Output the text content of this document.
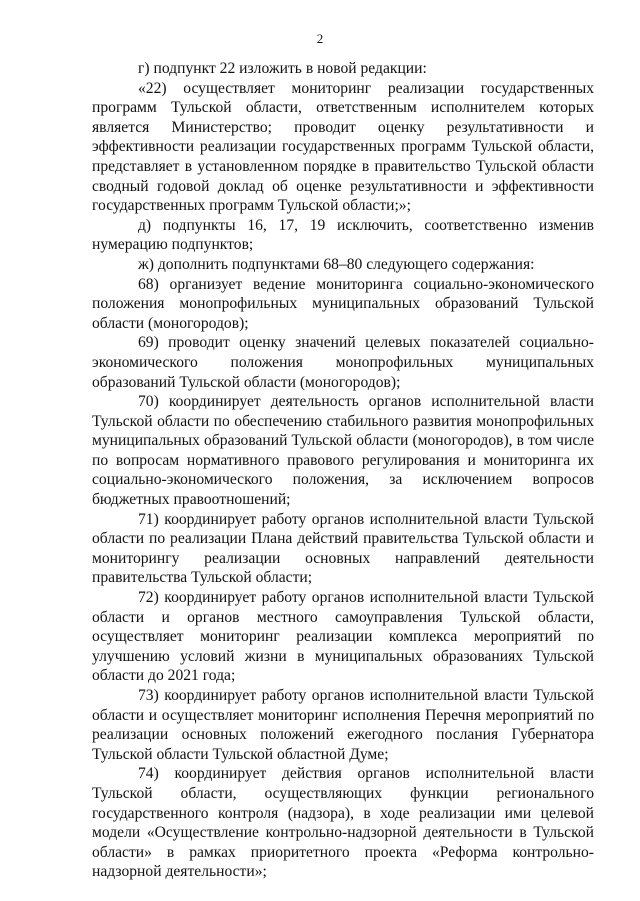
2

г) подпункт 22 изложить в новой редакции:

«22) осуществляет мониторинг реализации государственных программ Тульской области, ответственным исполнителем которых является Министерство; проводит оценку результативности и эффективности реализации государственных программ Тульской области, представляет в установленном порядке в правительство Тульской области сводный годовой доклад об оценке результативности и эффективности государственных программ Тульской области;»;

д) подпункты 16, 17, 19 исключить, соответственно изменив нумерацию подпунктов;

ж) дополнить подпунктами 68–80 следующего содержания:

68) организует ведение мониторинга социально-экономического положения монопрофильных муниципальных образований Тульской области (моногородов);

69) проводит оценку значений целевых показателей социально-экономического положения монопрофильных муниципальных образований Тульской области (моногородов);

70) координирует деятельность органов исполнительной власти Тульской области по обеспечению стабильного развития монопрофильных муниципальных образований Тульской области (моногородов), в том числе по вопросам нормативного правового регулирования и мониторинга их социально-экономического положения, за исключением вопросов бюджетных правоотношений;

71) координирует работу органов исполнительной власти Тульской области по реализации Плана действий правительства Тульской области и мониторингу реализации основных направлений деятельности правительства Тульской области;

72) координирует работу органов исполнительной власти Тульской области и органов местного самоуправления Тульской области, осуществляет мониторинг реализации комплекса мероприятий по улучшению условий жизни в муниципальных образованиях Тульской области до 2021 года;

73) координирует работу органов исполнительной власти Тульской области и осуществляет мониторинг исполнения Перечня мероприятий по реализации основных положений ежегодного послания Губернатора Тульской области Тульской областной Думе;

74) координирует действия органов исполнительной власти Тульской области, осуществляющих функции регионального государственного контроля (надзора), в ходе реализации ими целевой модели «Осуществление контрольно-надзорной деятельности в Тульской области» в рамках приоритетного проекта «Реформа контрольно-надзорной деятельности»;
